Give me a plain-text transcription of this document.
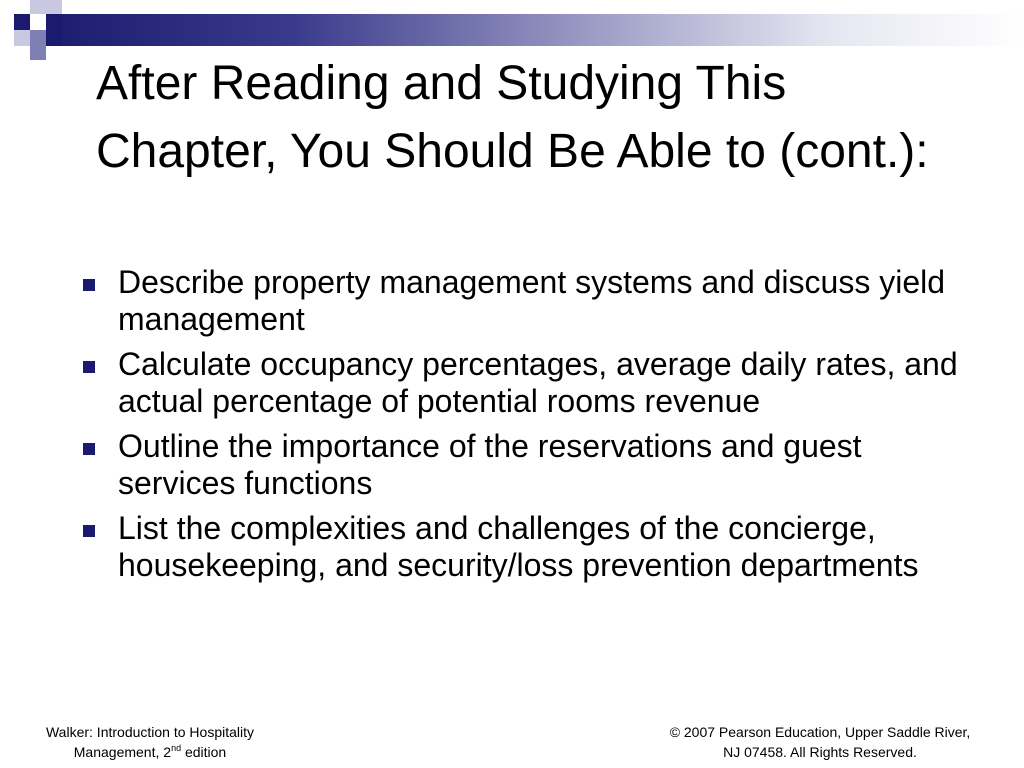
After Reading and Studying This Chapter, You Should Be Able to (cont.):
Describe property management systems and discuss yield management
Calculate occupancy percentages, average daily rates, and actual percentage of potential rooms revenue
Outline the importance of the reservations and guest services functions
List the complexities and challenges of the concierge, housekeeping, and security/loss prevention departments
Walker: Introduction to Hospitality
Management, 2nd edition
© 2007 Pearson Education, Upper Saddle River,
NJ 07458. All Rights Reserved.
